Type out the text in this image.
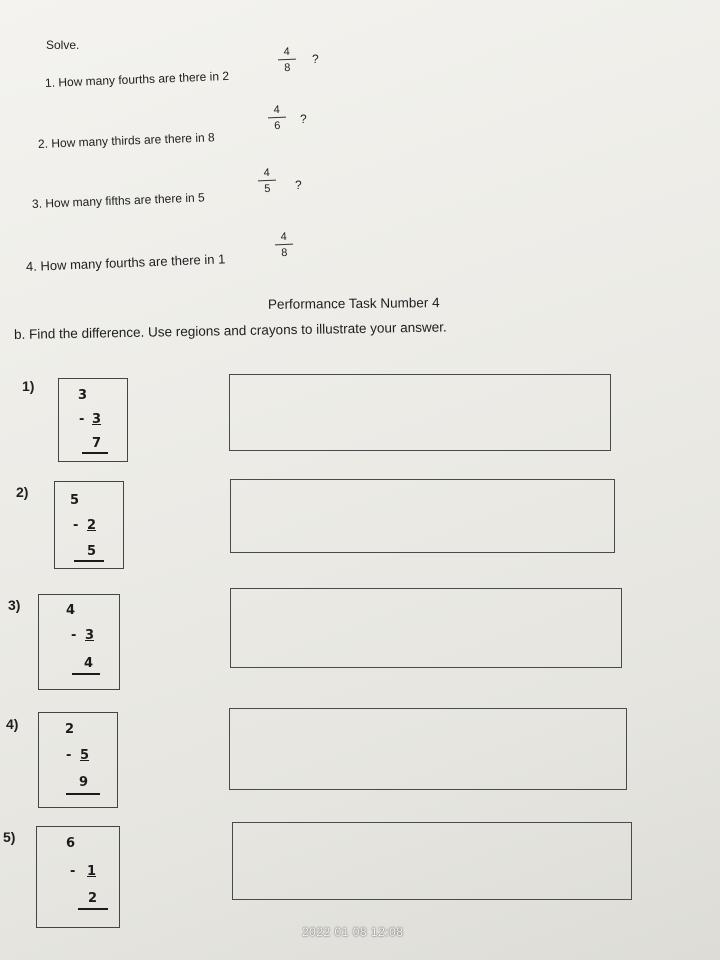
Solve.
1. How many fourths are there in 2
4
8
?
2. How many thirds are there in 8
4
6	?
3. How many fifths are there in 5
4
5	?
4. How many fourths are there in 1
4
8
Performance Task Number 4
b. Find the difference. Use regions and crayons to illustrate your answer.
1)
3
- 3
7
2)
5
- 2
5
3)	4
- 3
4
4)	2
- 5
9
5)	6
- 1
2
2022 01 08 12:08
